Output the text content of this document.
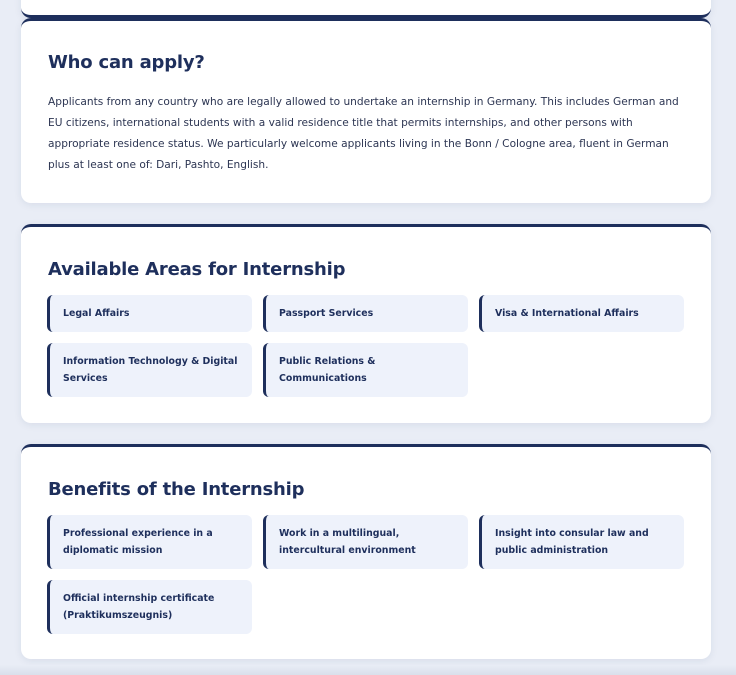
Who can apply?

Applicants from any country who are legally allowed to undertake an internship in Germany. This includes German and EU citizens, international students with a valid residence title that permits internships, and other persons with appropriate residence status. We particularly welcome applicants living in the Bonn / Cologne area, fluent in German plus at least one of: Dari, Pashto, English.

Available Areas for Internship
Legal Affairs	Passport Services	Visa & International Affairs
Information Technology & Digital Services
Public Relations & Communications
Benefits of the Internship
Professional experience in a diplomatic mission
Work in a multilingual, intercultural environment
Insight into consular law and public administration
Official internship certificate (Praktikumszeugnis)
